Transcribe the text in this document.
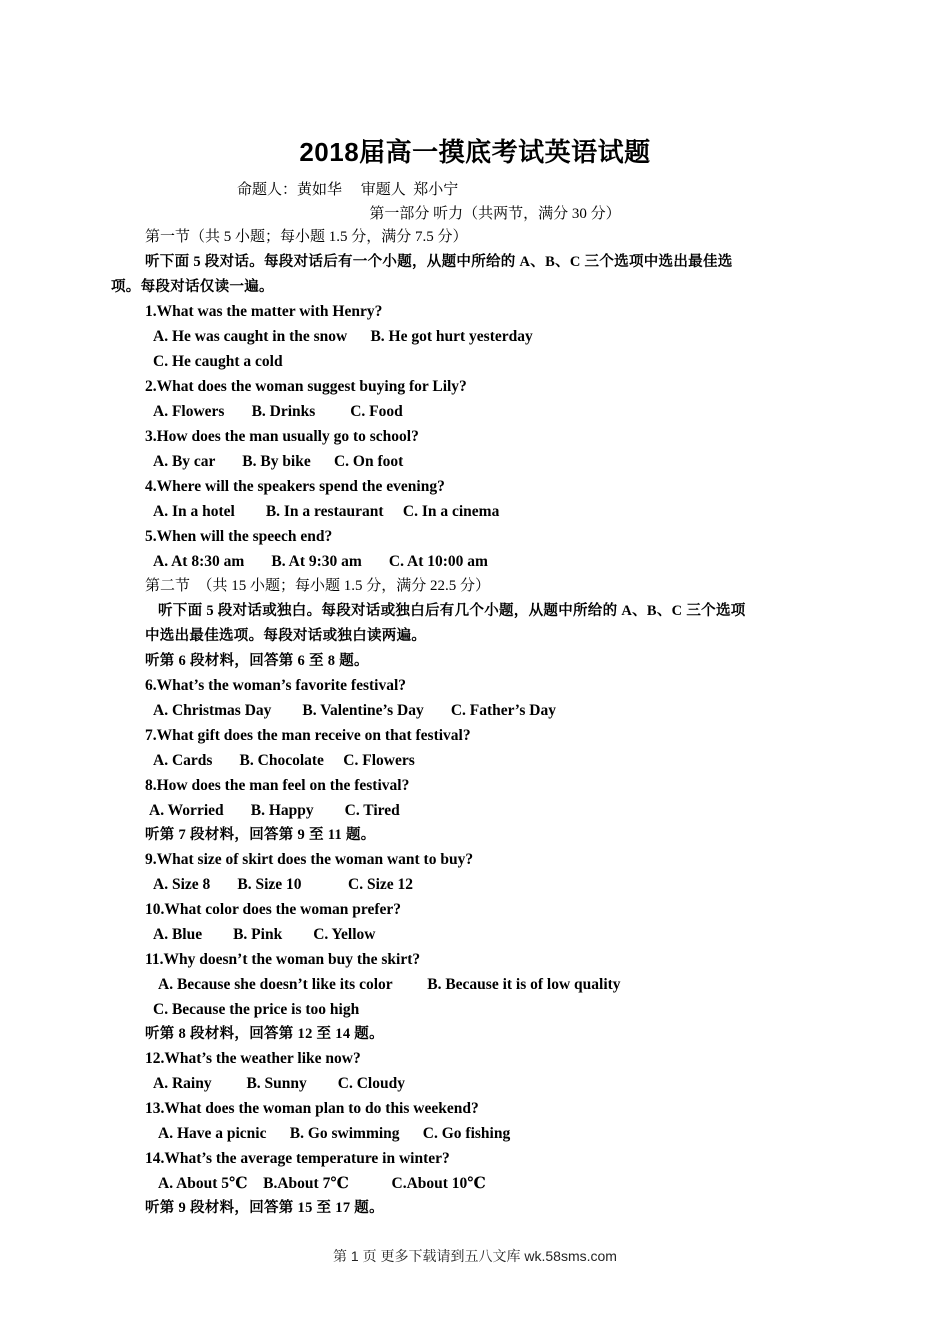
2018届高一摸底考试英语试题
命题人：黄如华     审题人  郑小宁
第一部分 听力（共两节，满分 30 分）
第一节（共 5 小题；每小题 1.5 分，满分 7.5 分）
听下面 5 段对话。每段对话后有一个小题，从题中所给的 A、B、C 三个选项中选出最佳选
项。每段对话仅读一遍。
1.What was the matter with Henry?
A. He was caught in the snow      B. He got hurt yesterday
C. He caught a cold
2.What does the woman suggest buying for Lily?
A. Flowers       B. Drinks         C. Food
3.How does the man usually go to school?
A. By car       B. By bike      C. On foot
4.Where will the speakers spend the evening?
A. In a hotel        B. In a restaurant     C. In a cinema
5.When will the speech end?
A. At 8:30 am       B. At 9:30 am       C. At 10:00 am
第二节  （共 15 小题；每小题 1.5 分，满分 22.5 分）
听下面 5 段对话或独白。每段对话或独白后有几个小题，从题中所给的 A、B、C 三个选项
中选出最佳选项。每段对话或独白读两遍。
听第 6 段材料，回答第 6 至 8 题。
6.What’s the woman’s favorite festival?
A. Christmas Day        B. Valentine’s Day       C. Father’s Day
7.What gift does the man receive on that festival?
A. Cards       B. Chocolate     C. Flowers
8.How does the man feel on the festival?
A. Worried       B. Happy        C. Tired
听第 7 段材料，回答第 9 至 11 题。
9.What size of skirt does the woman want to buy?
A. Size 8       B. Size 10            C. Size 12
10.What color does the woman prefer?
A. Blue        B. Pink        C. Yellow
11.Why doesn’t the woman buy the skirt?
A. Because she doesn’t like its color         B. Because it is of low quality
C. Because the price is too high
听第 8 段材料，回答第 12 至 14 题。
12.What’s the weather like now?
A. Rainy         B. Sunny        C. Cloudy
13.What does the woman plan to do this weekend?
A. Have a picnic      B. Go swimming      C. Go fishing
14.What’s the average temperature in winter?
A. About 5℃    B.About 7℃           C.About 10℃
听第 9 段材料，回答第 15 至 17 题。
第 1 页 更多下载请到五八文库 wk.58sms.com
